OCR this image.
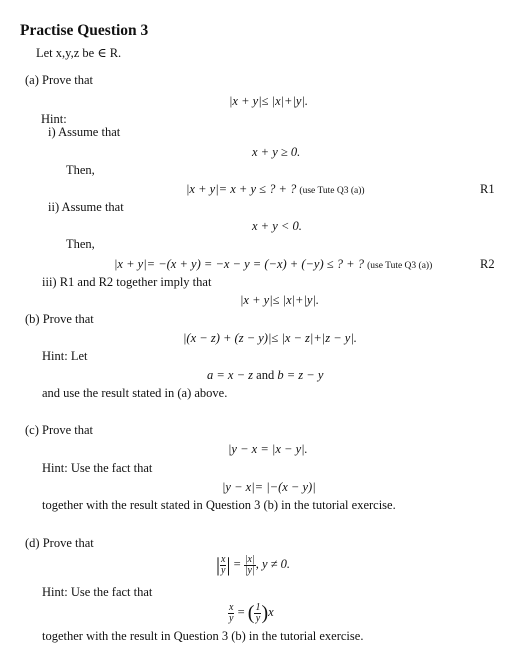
Practise Question 3
Let x,y,z be ∈ R.
(a) Prove that
|x + y|≤ |x|+|y|.
Hint:
i) Assume that
x + y ≥ 0.
Then,
|x + y|= x + y ≤ ? + ? (use Tute Q3 (a))	R1
ii) Assume that
x + y < 0.
Then,
|x + y|= −(x + y) = −x − y = (−x) + (−y) ≤ ? + ? (use Tute Q3 (a))	R2
iii) R1 and R2 together imply that
|x + y|≤ |x|+|y|.
(b) Prove that
|(x − z) + (z − y)|≤ |x − z|+|z − y|.
Hint: Let
a = x − z and b = z − y
and use the result stated in (a) above.
(c) Prove that
|y − x = |x − y|.
Hint: Use the fact that
|y − x|= |−(x − y)|
together with the result stated in Question 3 (b) in the tutorial exercise.
(d) Prove that
| $\frac{x}{y}$ | = $\frac{|x|}{|y|}$ , y ≠ 0.
Hint: Use the fact that
$\frac{x}{y}$ = ( $\frac{1}{y} )x$
together with the result in Question 3 (b) in the tutorial exercise.
